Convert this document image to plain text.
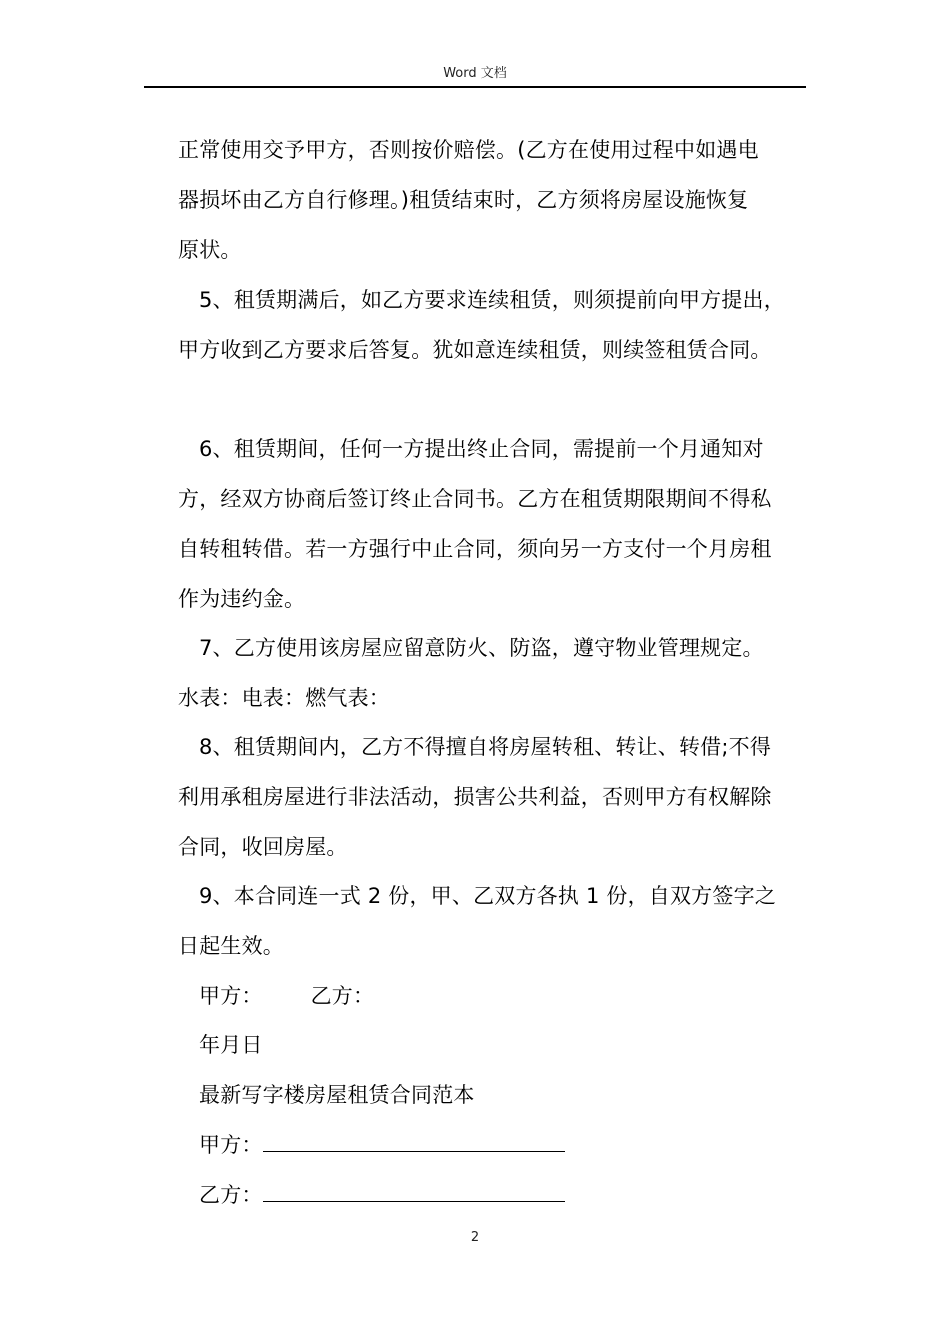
Word 文档
正常使用交予甲方，否则按价赔偿。(乙方在使用过程中如遇电
器损坏由乙方自行修理。)租赁结束时，乙方须将房屋设施恢复
原状。
5、租赁期满后，如乙方要求连续租赁，则须提前向甲方提出，
甲方收到乙方要求后答复。犹如意连续租赁，则续签租赁合同。
6、租赁期间，任何一方提出终止合同，需提前一个月通知对
方，经双方协商后签订终止合同书。乙方在租赁期限期间不得私
自转租转借。若一方强行中止合同，须向另一方支付一个月房租
作为违约金。
7、乙方使用该房屋应留意防火、防盗，遵守物业管理规定。
水表：电表：燃气表：
8、租赁期间内，乙方不得擅自将房屋转租、转让、转借;不得
利用承租房屋进行非法活动，损害公共利益，否则甲方有权解除
合同，收回房屋。
9、本合同连一式 2 份，甲、乙双方各执 1 份，自双方签字之
日起生效。
甲方： 乙方：
年月日
最新写字楼房屋租赁合同范本
甲方：
乙方：
2
